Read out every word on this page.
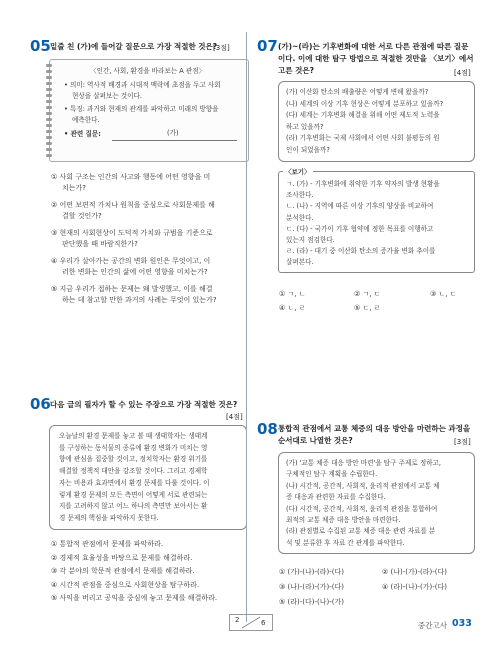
05 밑줄 친 (가)에 들어갈 질문으로 가장 적절한 것은?
[3점]
〈인간, 사회, 환경을 바라보는 A 관점〉
• 의미: 역사적 배경과 시대적 맥락에 초점을 두고 사회
현상을 살펴보는 것이다.
• 특징: 과거와 현재의 관계를 파악하고 미래의 방향을
예측한다.
• 관련 질문:	(가)
① 사회 구조는 인간의 사고와 행동에 어떤 영향을 미
치는가?
② 어떤 보편적 가치나 원칙을 중심으로 사회문제를 해
결할 것인가?
③ 현재의 사회현상이 도덕적 가치와 규범을 기준으로
판단했을 때 바람직한가?
④ 우리가 살아가는 공간의 변화 원인은 무엇이고, 이
러한 변화는 인간의 삶에 어떤 영향을 미치는가?
⑤ 지금 우리가 접하는 문제는 왜 발생했고, 이를 해결
하는 데 참고할 만한 과거의 사례는 무엇이 있는가?
06 다음 글의 필자가 할 수 있는 주장으로 가장 적절한 것은?
[4점]
오늘날의 환경 문제를 놓고 볼 때 생태학자는 생태계
를 구성하는 동식물의 종류에 환경 변화가 미치는 영
향에 관심을 집중할 것이고, 정치학자는 환경 위기를
해결할 정책적 대안을 강조할 것이다. 그리고 경제학
자는 비용과 효과면에서 환경 문제를 다룰 것이다. 이
렇게 환경 문제의 모든 측면이 어떻게 서로 관련되는
지를 고려하지 않고 어느 하나의 측면만 보아서는 환
경 문제의 핵심을 파악하지 못한다.
① 통합적 관점에서 문제를 파악하라.
② 경제적 효율성을 바탕으로 문제를 해결하라.
③ 각 분야의 학문적 관점에서 문제를 해결하라.
④ 시간적 관점을 중심으로 사회현상을 탐구하라.
⑤ 사익을 버리고 공익을 중심에 놓고 문제를 해결하라.
07 (가)~(라)는 기후변화에 대한 서로 다른 관점에 따른 질문
이다. 이에 대한 탐구 방법으로 적절한 것만을 〈보기〉에서
고른 것은?	[4점]
(가) 이산화 탄소의 배출량은 어떻게 변해 왔을까?
(나) 세계의 이상 기후 현상은 어떻게 분포하고 있을까?
(다) 세계는 기후변화 해결을 위해 어떤 제도적 노력을
하고 있을까?
(라) 기후변화는 국제 사회에서 어떤 사회 불평등의 원
인이 되었을까?
〈보기〉
ㄱ. (가) - 기후변화에 취약한 기후 약자의 발생 현황을
조사한다.
ㄴ. (나) - 지역에 따른 이상 기후의 양상을 비교하여
분석한다.
ㄷ. (다) - 국가이 기후 협약에 정한 목표를 이행하고
있는지 점검한다.
ㄹ. (라) - 대기 중 이산화 탄소의 증가율 변화 추이를
살펴본다.
① ㄱ, ㄴ	② ㄱ, ㄷ	③ ㄴ, ㄷ
④ ㄴ, ㄹ	⑤ ㄷ, ㄹ
08 통합적 관점에서 교통 체증의 대응 방안을 마련하는 과정을
순서대로 나열한 것은?	[3점]
(가) '교통 체증 대응 방안 마련'을 탐구 주제로 정하고,
구체적인 탐구 계획을 수립한다.
(나) 시간적, 공간적, 사회적, 윤리적 관점에서 교통 체
증 대응과 관련한 자료를 수집한다.
(다) 시간적, 공간적, 사회적, 윤리적 관점을 통합하여
최적의 교통 체증 대응 방안을 마련한다.
(라) 관점별로 수집된 교통 체증 대응 관련 자료를 분
석 및 분류한 후 자료 간 관계를 파악한다.
① (가)-(나)-(라)-(다)	② (나)-(가)-(라)-(다)
③ (나)-(라)-(가)-(다)	④ (라)-(나)-(가)-(다)
⑤ (라)-(다)-(나)-(가)
2	6	중간고사 033
